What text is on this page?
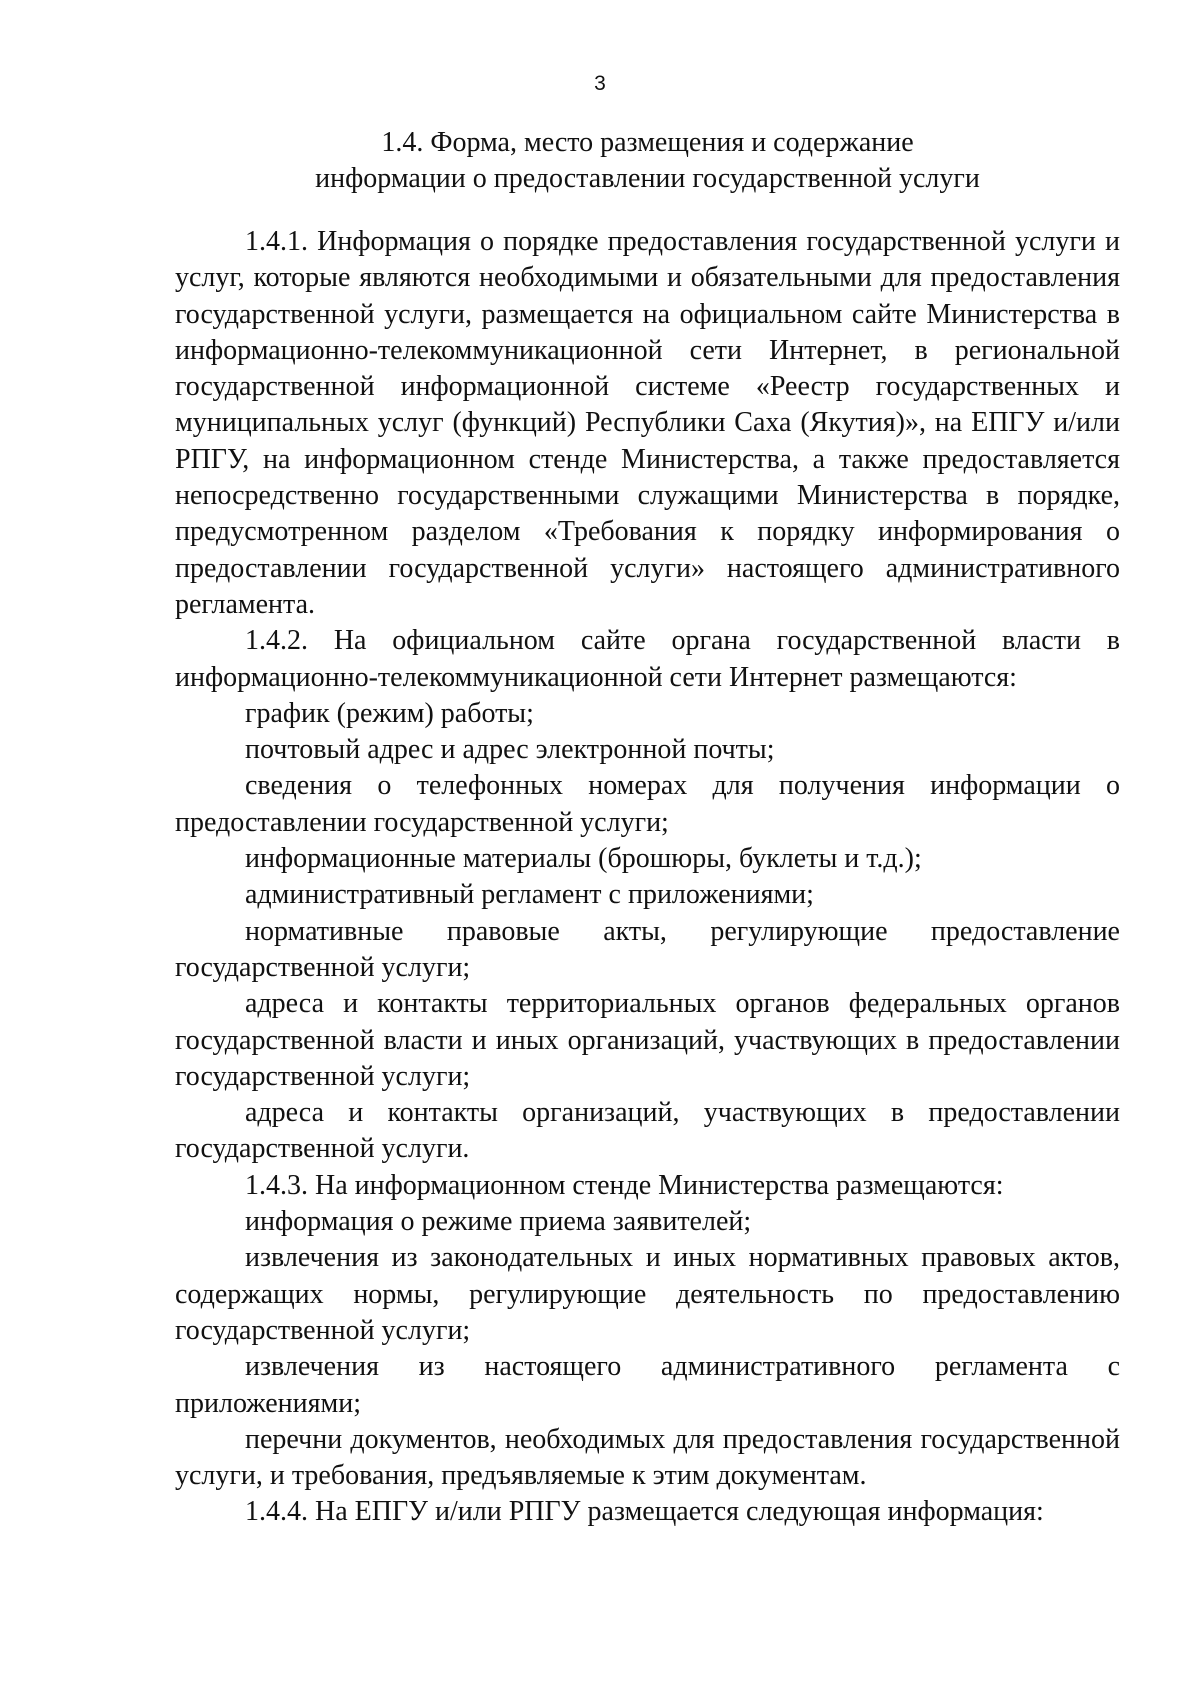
3
1.4. Форма, место размещения и содержание
информации о предоставлении государственной услуги

1.4.1. Информация о порядке предоставления государственной услуги и услуг, которые являются необходимыми и обязательными для предоставления государственной услуги, размещается на официальном сайте Министерства в информационно-телекоммуникационной сети Интернет, в региональной государственной информационной системе «Реестр государственных и муниципальных услуг (функций) Республики Саха (Якутия)», на ЕПГУ и/или РПГУ, на информационном стенде Министерства, а также предоставляется непосредственно государственными служащими Министерства в порядке, предусмотренном разделом «Требования к порядку информирования о предоставлении государственной услуги» настоящего административного регламента.

1.4.2. На официальном сайте органа государственной власти в информационно-телекоммуникационной сети Интернет размещаются:

график (режим) работы;

почтовый адрес и адрес электронной почты;

сведения о телефонных номерах для получения информации о предоставлении государственной услуги;

информационные материалы (брошюры, буклеты и т.д.);

административный регламент с приложениями;

нормативные правовые акты, регулирующие предоставление государственной услуги;

адреса и контакты территориальных органов федеральных органов государственной власти и иных организаций, участвующих в предоставлении государственной услуги;

адреса и контакты организаций, участвующих в предоставлении государственной услуги.

1.4.3. На информационном стенде Министерства размещаются:

информация о режиме приема заявителей;

извлечения из законодательных и иных нормативных правовых актов, содержащих нормы, регулирующие деятельность по предоставлению государственной услуги;

извлечения из настоящего административного регламента с приложениями;

перечни документов, необходимых для предоставления государственной услуги, и требования, предъявляемые к этим документам.

1.4.4. На ЕПГУ и/или РПГУ размещается следующая информация:
